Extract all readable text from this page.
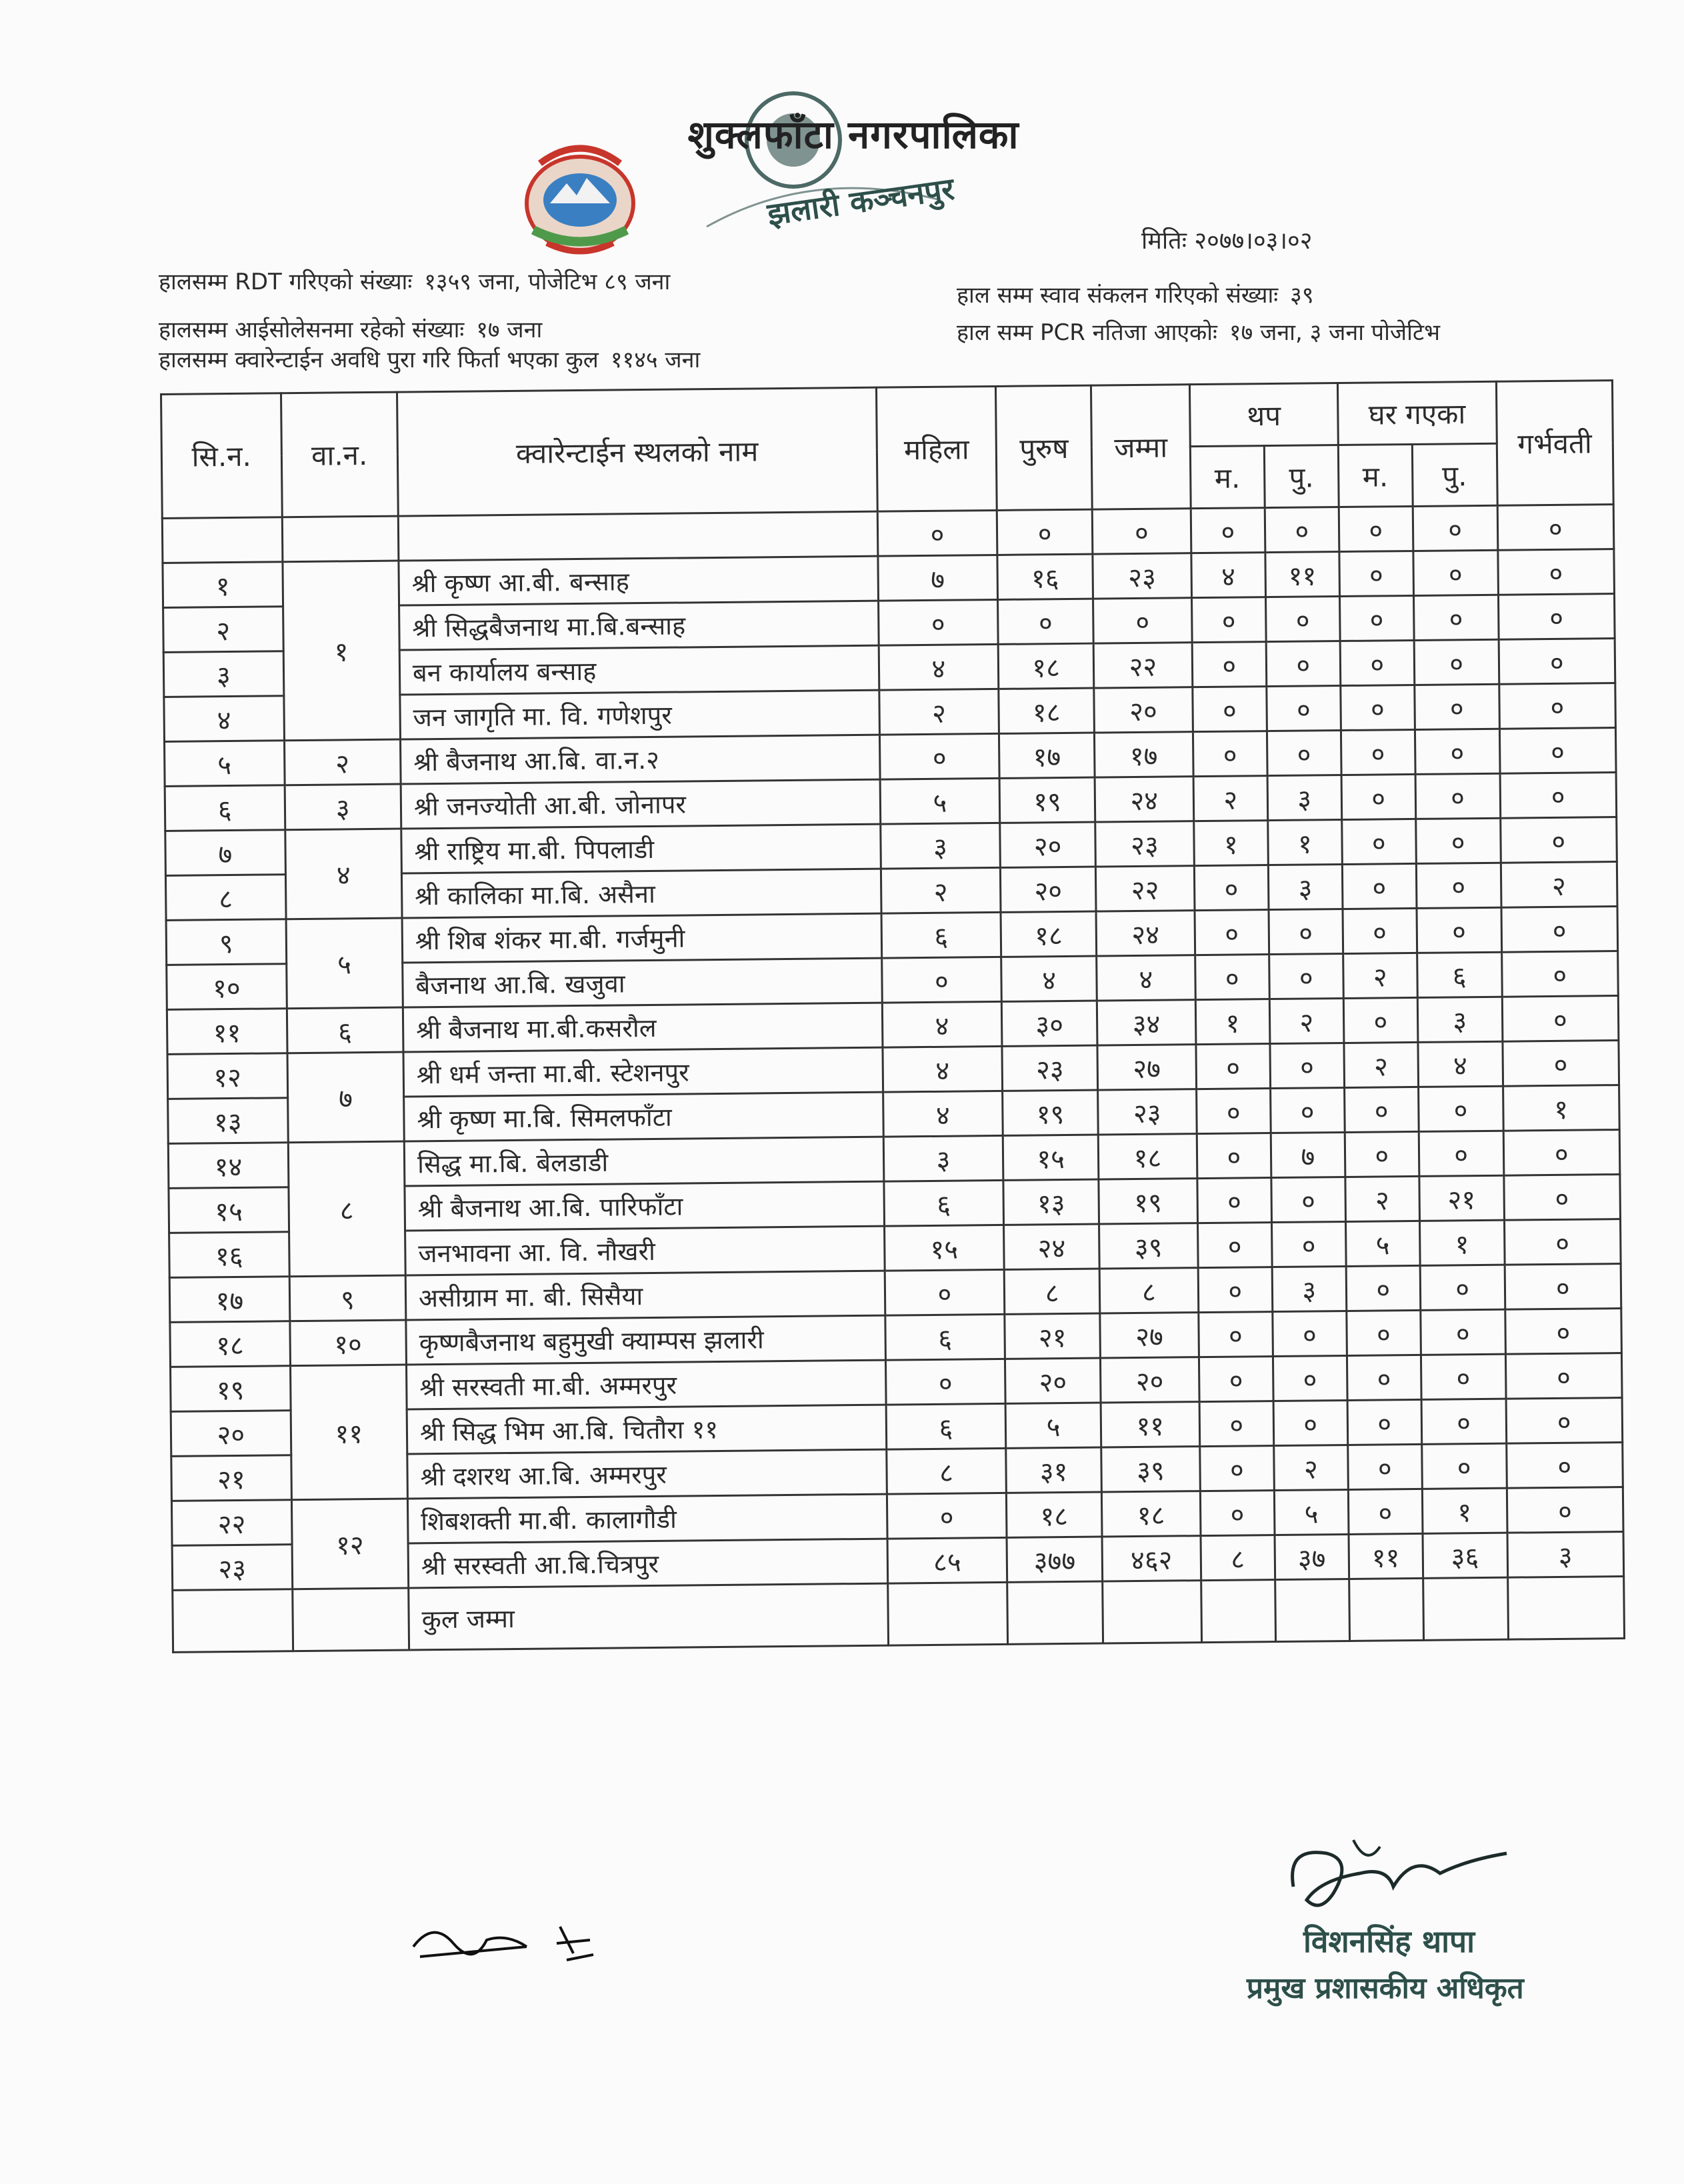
शुक्लफाँटा नगरपालिका
झलारी कञ्चनपुर
मितिः २०७७।०३।०२
हालसम्म RDT गरिएको संख्याः १३५९ जना, पोजेटिभ ८९ जना
हालसम्म आईसोलेसनमा रहेको संख्याः १७ जना
हालसम्म क्वारेन्टाईन अवधि पुरा गरि फिर्ता भएका कुल ११४५ जना
हाल सम्म स्वाव संकलन गरिएको संख्याः ३९
हाल सम्म PCR नतिजा आएकोः १७ जना, ३ जना पोजेटिभ
सि.न.	वा.न.	क्वारेन्टाईन स्थलको नाम	महिला	पुरुष	जम्मा	थप		घर गएका		गर्भवती
						म.	पु.	म.	पु.	
			०	०	०	०	०	०	०	०
१	१	श्री कृष्ण आ.बी. बन्साह	७	१६	२३	४	११	०	०	०
२		श्री सिद्धबैजनाथ मा.बि.बन्साह	०	०	०	०	०	०	०	०
३		बन कार्यालय बन्साह	४	१८	२२	०	०	०	०	०
४		जन जागृति मा. वि. गणेशपुर	२	१८	२०	०	०	०	०	०
५	२	श्री बैजनाथ आ.बि. वा.न.२	०	१७	१७	०	०	०	०	०
६	३	श्री जनज्योती आ.बी. जोनापर	५	१९	२४	२	३	०	०	०
७	४	श्री राष्ट्रिय मा.बी. पिपलाडी	३	२०	२३	१	१	०	०	०
८		श्री कालिका मा.बि. असैना	२	२०	२२	०	३	०	०	२
९	५	श्री शिब शंकर मा.बी. गर्जमुनी	६	१८	२४	०	०	०	०	०
१०		बैजनाथ आ.बि. खजुवा	०	४	४	०	०	२	६	०
११	६	श्री बैजनाथ मा.बी.कसरौल	४	३०	३४	१	२	०	३	०
१२	७	श्री धर्म जन्ता मा.बी. स्टेशनपुर	४	२३	२७	०	०	२	४	०
१३		श्री कृष्ण मा.बि. सिमलफाँटा	४	१९	२३	०	०	०	०	१
१४	८	सिद्ध मा.बि. बेलडाडी	३	१५	१८	०	७	०	०	०
१५		श्री बैजनाथ आ.बि. पारिफाँटा	६	१३	१९	०	०	२	२१	०
१६		जनभावना आ. वि. नौखरी	१५	२४	३९	०	०	५	१	०
१७	९	असीग्राम मा. बी. सिसैया	०	८	८	०	३	०	०	०
१८	१०	कृष्णबैजनाथ बहुमुखी क्याम्पस झलारी	६	२१	२७	०	०	०	०	०
१९	११	श्री सरस्वती मा.बी. अम्मरपुर	०	२०	२०	०	०	०	०	०
२०		श्री सिद्ध भिम आ.बि. चितौरा ११	६	५	११	०	०	०	०	०
२१		श्री दशरथ आ.बि. अम्मरपुर	८	३१	३९	०	२	०	०	०
२२	१२	शिबशक्ती मा.बी. कालागौडी	०	१८	१८	०	५	०	१	०
२३		श्री सरस्वती आ.बि.चित्रपुर	८५	३७७	४६२	८	३७	११	३६	३
		कुल जम्मा								
विशनसिंह थापा
प्रमुख प्रशासकीय अधिकृत
